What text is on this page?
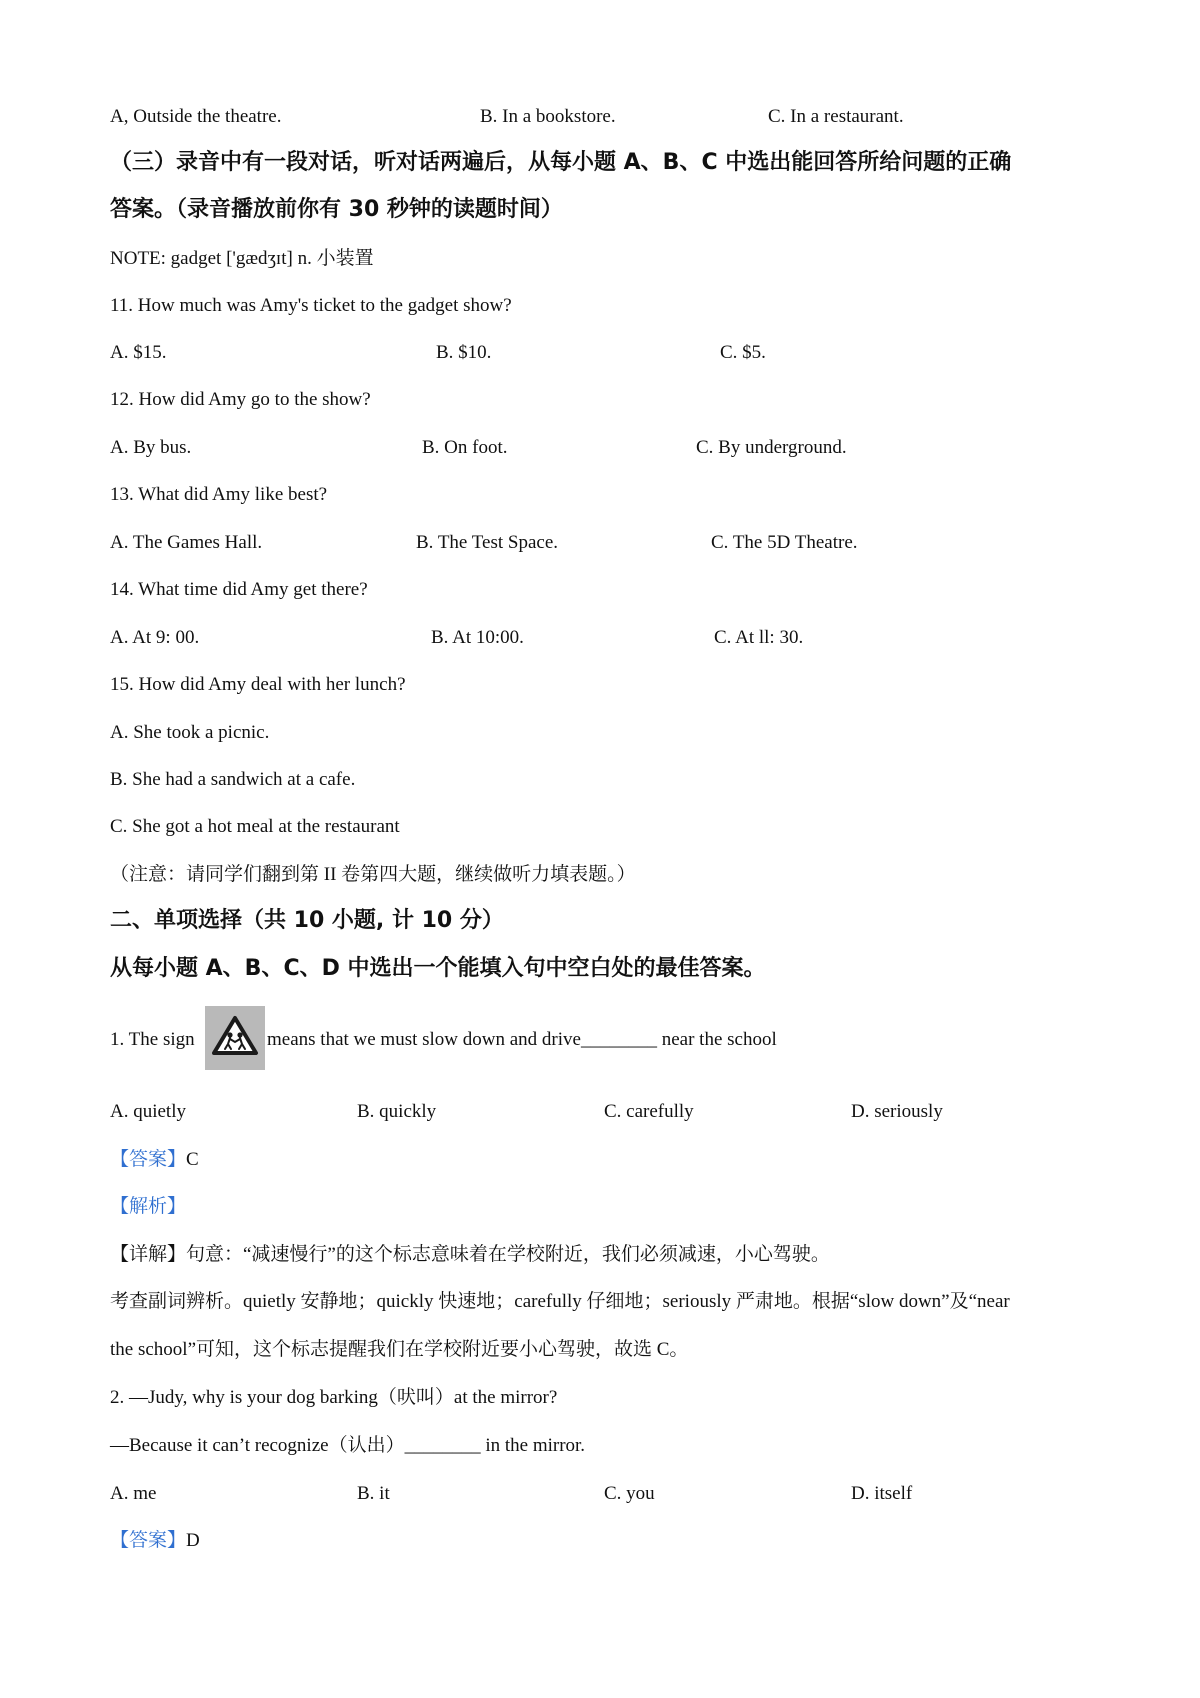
A, Outside the theatre.	B. In a bookstore.	C. In a restaurant.
（三）录音中有一段对话，听对话两遍后，从每小题 A、B、C 中选出能回答所给问题的正确
答案。（录音播放前你有 30 秒钟的读题时间）
NOTE: gadget ['gædʒɪt] n. 小装置
11. How much was Amy's ticket to the gadget show?
A. $15.	B. $10.	C. $5.
12. How did Amy go to the show?
A. By bus.	B. On foot.	C. By underground.
13. What did Amy like best?
A. The Games Hall.	B. The Test Space.	C. The 5D Theatre.
14. What time did Amy get there?
A. At 9: 00.	B. At 10:00.	C. At ll: 30.
15. How did Amy deal with her lunch?
A. She took a picnic.
B. She had a sandwich at a cafe.
C. She got a hot meal at the restaurant
（注意：请同学们翻到第 II 卷第四大题，继续做听力填表题。）
二、单项选择（共 10 小题, 计 10 分）
从每小题 A、B、C、D 中选出一个能填入句中空白处的最佳答案。
1. The sign	means that we must slow down and drive________ near the school
A. quietly	B. quickly	C. carefully	D. seriously
【答案】C
【解析】
【详解】句意：“减速慢行”的这个标志意味着在学校附近，我们必须减速，小心驾驶。
考查副词辨析。quietly 安静地；quickly 快速地；carefully 仔细地；seriously 严肃地。根据“slow down”及“near
the school”可知，这个标志提醒我们在学校附近要小心驾驶，故选 C。
2. —Judy, why is your dog barking（吠叫）at the mirror?
—Because it can’t recognize（认出）________ in the mirror.
A. me	B. it	C. you	D. itself
【答案】D
